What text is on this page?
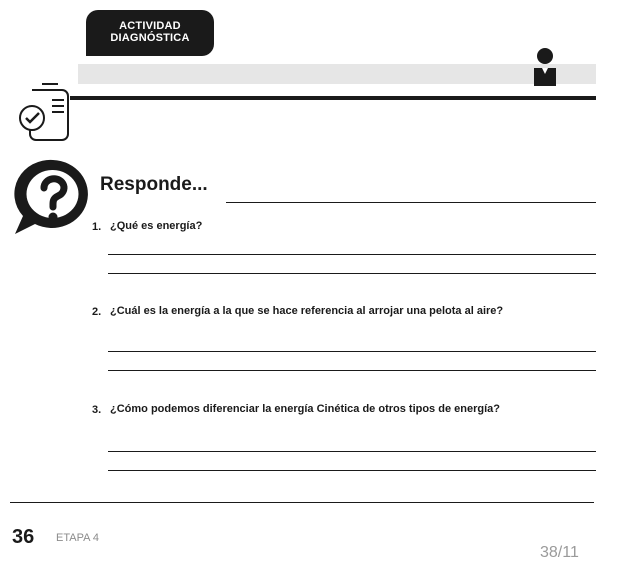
ACTIVIDAD
DIAGNÓSTICA
Responde...
1. ¿Qué es energía?
2. ¿Cuál es la energía a la que se hace referencia al arrojar una pelota al aire?
3. ¿Cómo podemos diferenciar la energía Cinética de otros tipos de energía?
36 ETAPA 4
38/11
